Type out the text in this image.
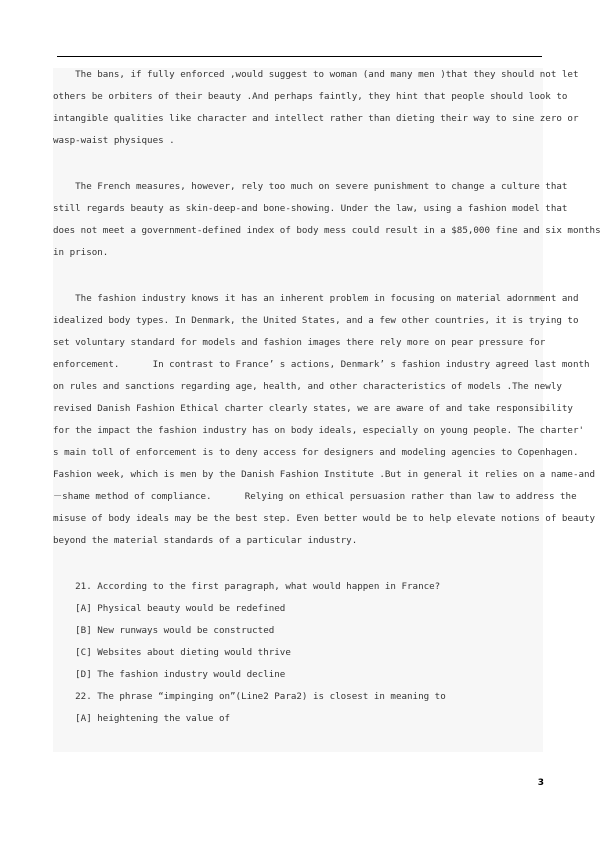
The bans, if fully enforced ,would suggest to woman (and many men )that they should not let
others be orbiters of their beauty .And perhaps faintly, they hint that people should look to
intangible qualities like character and intellect rather than dieting their way to sine zero or
wasp-waist physiques .
The French measures, however, rely too much on severe punishment to change a culture that
still regards beauty as skin-deep-and bone-showing. Under the law, using a fashion model that
does not meet a government-defined index of body mess could result in a $85,000 fine and six months
in prison.
The fashion industry knows it has an inherent problem in focusing on material adornment and
idealized body types. In Denmark, the United States, and a few other countries, it is trying to
set voluntary standard for models and fashion images there rely more on pear pressure for
enforcement.      In contrast to France’ s actions, Denmark’ s fashion industry agreed last month
on rules and sanctions regarding age, health, and other characteristics of models .The newly
revised Danish Fashion Ethical charter clearly states, we are aware of and take responsibility
for the impact the fashion industry has on body ideals, especially on young people. The charter'
s main toll of enforcement is to deny access for designers and modeling agencies to Copenhagen.
Fashion week, which is men by the Danish Fashion Institute .But in general it relies on a name-and
－shame method of compliance.      Relying on ethical persuasion rather than law to address the
misuse of body ideals may be the best step. Even better would be to help elevate notions of beauty
beyond the material standards of a particular industry.
21. According to the first paragraph, what would happen in France?
[A] Physical beauty would be redefined
[B] New runways would be constructed
[C] Websites about dieting would thrive
[D] The fashion industry would decline
22. The phrase “impinging on”(Line2 Para2) is closest in meaning to
[A] heightening the value of
3
